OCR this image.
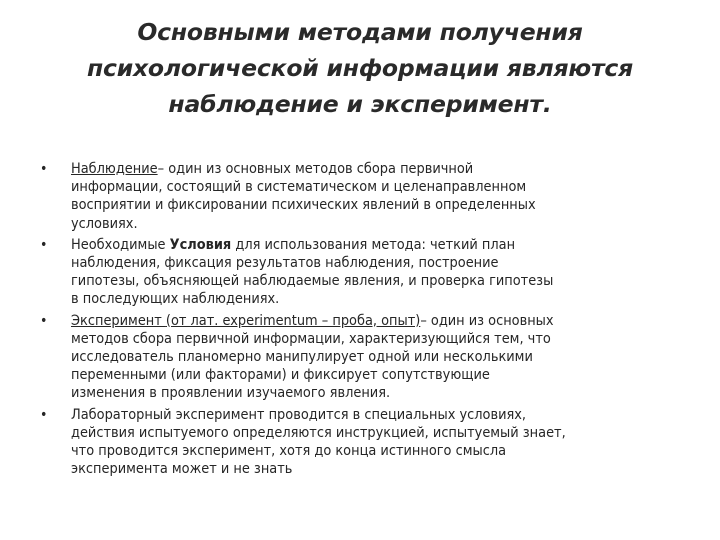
Основными методами получения
психологической информации являются
наблюдение и эксперимент.
• Наблюдение– один из основных методов сбора первичной
информации, состоящий в систематическом и целенаправленном
восприятии и фиксировании психических явлений в определенных
условиях.
• Необходимые Условия для использования метода: четкий план
наблюдения, фиксация результатов наблюдения, построение
гипотезы, объясняющей наблюдаемые явления, и проверка гипотезы
в последующих наблюдениях.
• Эксперимент (от лат. experimentum – проба, опыт)– один из основных
методов сбора первичной информации, характеризующийся тем, что
исследователь планомерно манипулирует одной или несколькими
переменными (или факторами) и фиксирует сопутствующие
изменения в проявлении изучаемого явления.
• Лабораторный эксперимент проводится в специальных условиях,
действия испытуемого определяются инструкцией, испытуемый знает,
что проводится эксперимент, хотя до конца истинного смысла
эксперимента может и не знать
